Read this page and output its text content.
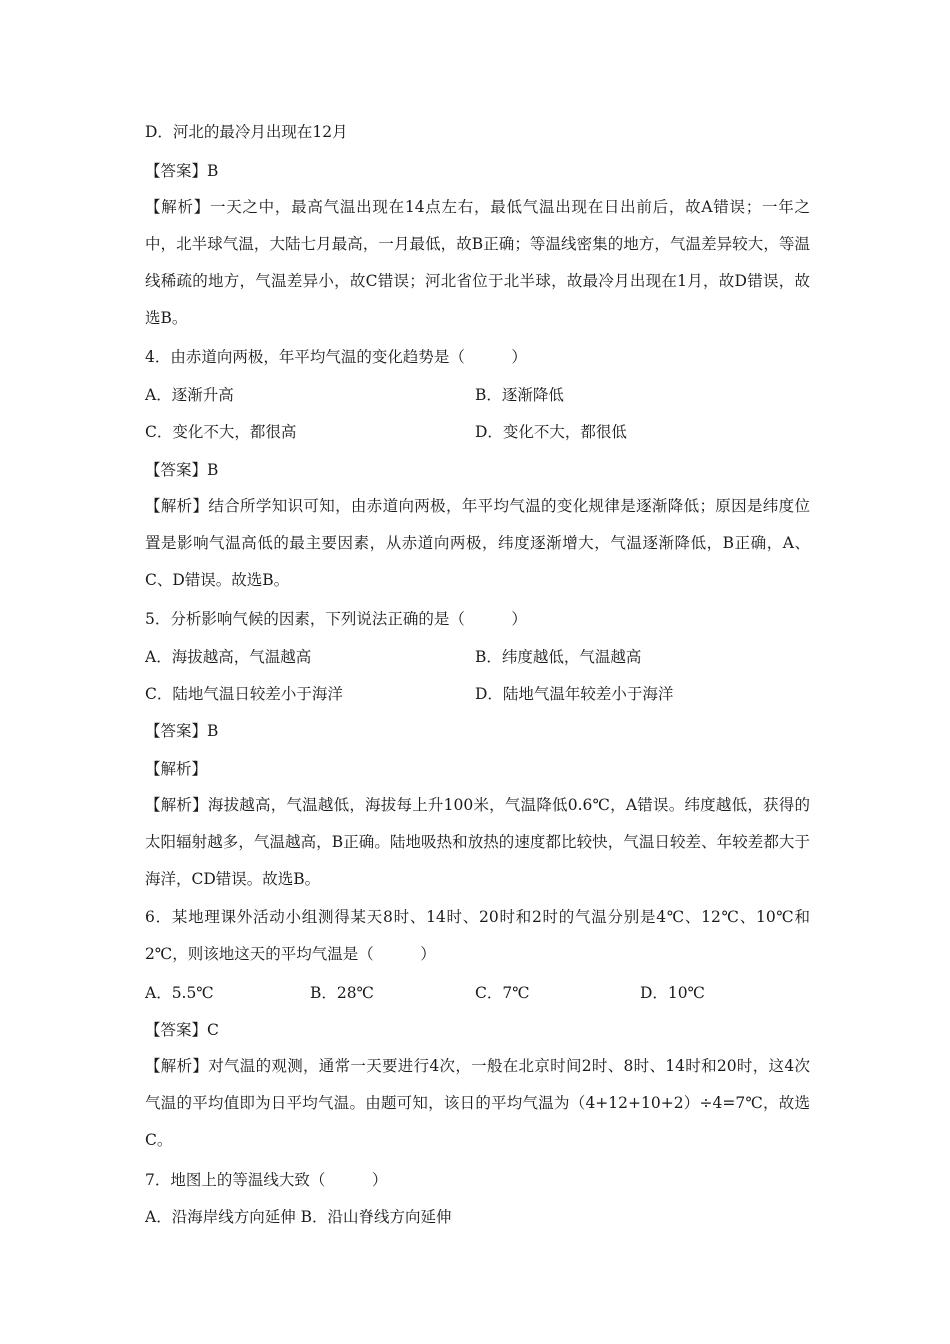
D．河北的最冷月出现在12月
【答案】B
【解析】一天之中，最高气温出现在14点左右，最低气温出现在日出前后，故A错误；一年之中，北半球气温，大陆七月最高，一月最低，故B正确；等温线密集的地方，气温差异较大，等温线稀疏的地方，气温差异小，故C错误；河北省位于北半球，故最冷月出现在1月，故D错误，故选B。
4．由赤道向两极，年平均气温的变化趋势是（　　　）
A．逐渐升高	B．逐渐降低
C．变化不大，都很高	D．变化不大，都很低
【答案】B
【解析】结合所学知识可知，由赤道向两极，年平均气温的变化规律是逐渐降低；原因是纬度位置是影响气温高低的最主要因素，从赤道向两极，纬度逐渐增大，气温逐渐降低，B正确，A、C、D错误。故选B。
5．分析影响气候的因素，下列说法正确的是（　　　）
A．海拔越高，气温越高	B．纬度越低，气温越高
C．陆地气温日较差小于海洋	D．陆地气温年较差小于海洋
【答案】B
【解析】
【解析】海拔越高，气温越低，海拔每上升100米，气温降低0.6℃，A错误。纬度越低，获得的太阳辐射越多，气温越高，B正确。陆地吸热和放热的速度都比较快，气温日较差、年较差都大于海洋，CD错误。故选B。
6．某地理课外活动小组测得某天8时、14时、20时和2时的气温分别是4℃、12℃、10℃和2℃，则该地这天的平均气温是（　　　）
A．5.5℃	B．28℃	C．7℃	D．10℃
【答案】C
【解析】对气温的观测，通常一天要进行4次，一般在北京时间2时、8时、14时和20时，这4次气温的平均值即为日平均气温。由题可知，该日的平均气温为（4+12+10+2）÷4=7℃，故选C。
7．地图上的等温线大致（　　　）
A．沿海岸线方向延伸 B．沿山脊线方向延伸
